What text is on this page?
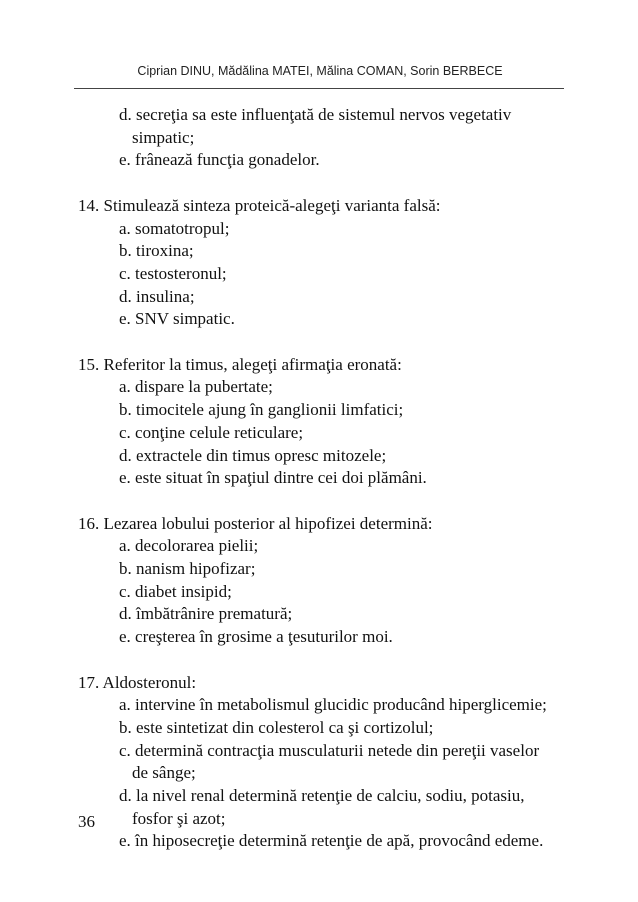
Ciprian DINU, Mădălina MATEI, Mălina COMAN, Sorin BERBECE
d. secreţia sa este influenţată de sistemul nervos vegetativ
simpatic;
e. frânează funcţia gonadelor.
14. Stimulează sinteza proteică-alegeţi varianta falsă:
a. somatotropul;
b. tiroxina;
c. testosteronul;
d. insulina;
e. SNV simpatic.
15. Referitor la timus, alegeţi afirmaţia eronată:
a. dispare la pubertate;
b. timocitele ajung în ganglionii limfatici;
c. conţine celule reticulare;
d. extractele din timus opresc mitozele;
e. este situat în spaţiul dintre cei doi plămâni.
16. Lezarea lobului posterior al hipofizei determină:
a. decolorarea pielii;
b. nanism hipofizar;
c. diabet insipid;
d. îmbătrânire prematură;
e. creşterea în grosime a ţesuturilor moi.
17. Aldosteronul:
a. intervine în metabolismul glucidic producând hiperglicemie;
b. este sintetizat din colesterol ca şi cortizolul;
c. determină contracţia musculaturii netede din pereţii vaselor
de sânge;
d. la nivel renal determină retenţie de calciu, sodiu, potasiu,
fosfor şi azot;
e. în hiposecreţie determină retenţie de apă, provocând edeme.
36
